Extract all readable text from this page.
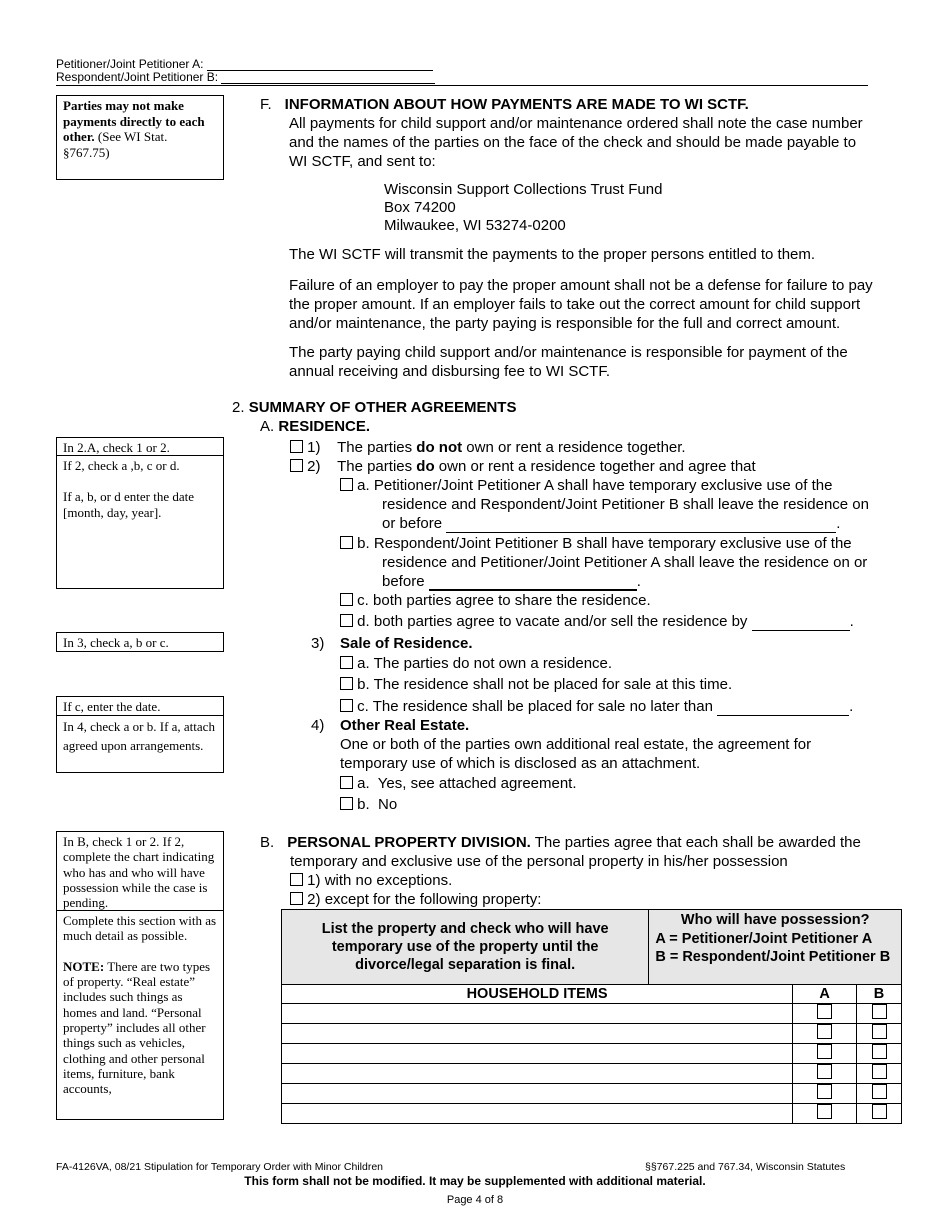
Petitioner/Joint Petitioner A:
Respondent/Joint Petitioner B:
Parties may not make payments directly to each other. (See WI Stat. §767.75)
In 2.A, check 1 or 2.
If 2, check a ,b, c or d.

If a, b, or d enter the date [month, day, year].
In 3, check a, b or c.
If c, enter the date.
In 4, check a or b. If a, attach agreed upon arrangements.
In B, check 1 or 2. If 2, complete the chart indicating who has and who will have possession while the case is pending.
Complete this section with as much detail as possible.

NOTE: There are two types of property. “Real estate” includes such things as homes and land. “Personal property” includes all other things such as vehicles, clothing and other personal items, furniture, bank accounts,
F. INFORMATION ABOUT HOW PAYMENTS ARE MADE TO WI SCTF.
All payments for child support and/or maintenance ordered shall note the case number
and the names of the parties on the face of the check and should be made payable to
WI SCTF, and sent to:
Wisconsin Support Collections Trust Fund
Box 74200
Milwaukee, WI 53274-0200
The WI SCTF will transmit the payments to the proper persons entitled to them.
Failure of an employer to pay the proper amount shall not be a defense for failure to pay
the proper amount. If an employer fails to take out the correct amount for child support
and/or maintenance, the party paying is responsible for the full and correct amount.
The party paying child support and/or maintenance is responsible for payment of the
annual receiving and disbursing fee to WI SCTF.
2. SUMMARY OF OTHER AGREEMENTS
A. RESIDENCE.
1) The parties do not own or rent a residence together.
2) The parties do own or rent a residence together and agree that
a. Petitioner/Joint Petitioner A shall have temporary exclusive use of the
residence and Respondent/Joint Petitioner B shall leave the residence on
or before	.
b. Respondent/Joint Petitioner B shall have temporary exclusive use of the
residence and Petitioner/Joint Petitioner A shall leave the residence on or
before	.
c. both parties agree to share the residence.
d. both parties agree to vacate and/or sell the residence by	.
3) Sale of Residence.
a. The parties do not own a residence.
b. The residence shall not be placed for sale at this time.
c. The residence shall be placed for sale no later than	.
4) Other Real Estate.
One or both of the parties own additional real estate, the agreement for
temporary use of which is disclosed as an attachment.
a. Yes, see attached agreement.
b. No
B. PERSONAL PROPERTY DIVISION. The parties agree that each shall be awarded the
temporary and exclusive use of the personal property in his/her possession
1) with no exceptions.
2) except for the following property:
List the property and check who will have temporary use of the property until the divorce/legal separation is final.	Who will have possession?
A = Petitioner/Joint Petitioner A
B = Respondent/Joint Petitioner B		

HOUSEHOLD ITEMS		A	B

FA-4126VA, 08/21 Stipulation for Temporary Order with Minor Children	§§767.225 and 767.34, Wisconsin Statutes
This form shall not be modified. It may be supplemented with additional material.
Page 4 of 8
